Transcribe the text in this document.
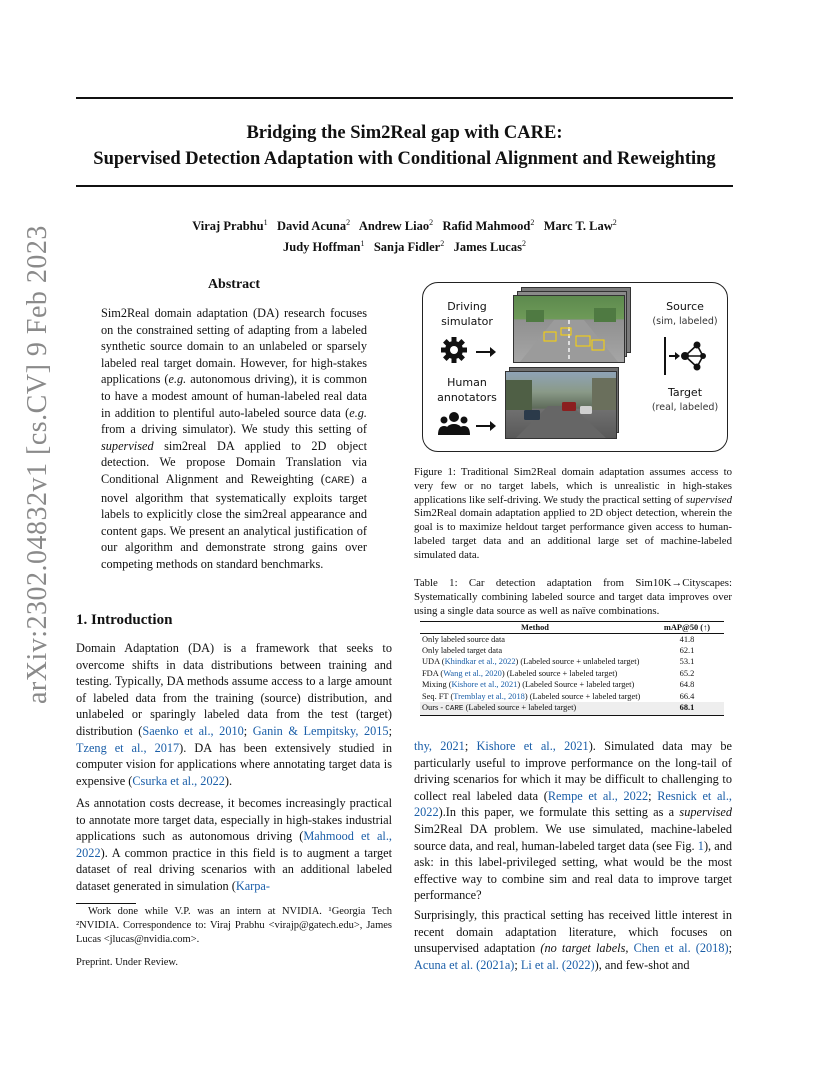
arXiv:2302.04832v1 [cs.CV] 9 Feb 2023
Bridging the Sim2Real gap with CARE:
Supervised Detection Adaptation with Conditional Alignment and Reweighting
Viraj Prabhu$^1$ David Acuna$^2$ Andrew Liao$^2$ Rafid Mahmood$^2$ Marc T. Law$^2$
Judy Hoffman$^1$ Sanja Fidler$^2$ James Lucas$^2$
Abstract
Sim2Real domain adaptation (DA) research focuses on the constrained setting of adapting from a labeled synthetic source domain to an unlabeled or sparsely labeled real target domain. However, for high-stakes applications (e.g. autonomous driving), it is common to have a modest amount of human-labeled real data in addition to plentiful auto-labeled source data (e.g. from a driving simulator). We study this setting of supervised sim2real DA applied to 2D object detection. We propose Domain Translation via Conditional Alignment and Reweighting (CARE) a novel algorithm that systematically exploits target labels to explicitly close the sim2real appearance and content gaps. We present an analytical justification of our algorithm and demonstrate strong gains over competing methods on standard benchmarks.
1. Introduction
Domain Adaptation (DA) is a framework that seeks to overcome shifts in data distributions between training and testing. Typically, DA methods assume access to a large amount of labeled data from the training (source) distribution, and unlabeled or sparingly labeled data from the test (target) distribution (Saenko et al., 2010; Ganin & Lempitsky, 2015; Tzeng et al., 2017). DA has been extensively studied in computer vision for applications where annotating target data is expensive (Csurka et al., 2022).
As annotation costs decrease, it becomes increasingly practical to annotate more target data, especially in high-stakes industrial applications such as autonomous driving (Mahmood et al., 2022). A common practice in this field is to augment a target dataset of real driving scenarios with an additional labeled dataset generated in simulation (Karpa-
Work done while V.P. was an intern at NVIDIA. ¹Georgia Tech ²NVIDIA. Correspondence to: Viraj Prabhu <virajp@gatech.edu>, James Lucas <jlucas@nvidia.com>.
Preprint. Under Review.
Driving
simulator
Human
annotators
Source
(sim, labeled)
Target
(real, labeled)
Figure 1: Traditional Sim2Real domain adaptation assumes access to very few or no target labels, which is unrealistic in high-stakes applications like self-driving. We study the practical setting of supervised Sim2Real domain adaptation applied to 2D object detection, wherein the goal is to maximize heldout target performance given access to human-labeled target data and an additional large set of machine-labeled simulated data.
Table 1: Car detection adaptation from Sim10K→Cityscapes: Systematically combining labeled source and target data improves over using a single data source as well as naïve combinations.
Method	mAP@50 (↑)
Only labeled source data	41.8
Only labeled target data	62.1
UDA (Khindkar et al., 2022) (Labeled source + unlabeled target)	53.1
FDA (Wang et al., 2020) (Labeled source + labeled target)	65.2
Mixing (Kishore et al., 2021) (Labeled Source + labeled target)	64.8
Seq. FT (Tremblay et al., 2018) (Labeled source + labeled target)	66.4
Ours - CARE (Labeled source + labeled target)	68.1
thy, 2021; Kishore et al., 2021). Simulated data may be particularly useful to improve performance on the long-tail of driving scenarios for which it may be difficult to challenging to collect real labeled data (Rempe et al., 2022; Resnick et al., 2022).In this paper, we formulate this setting as a supervised Sim2Real DA problem. We use simulated, machine-labeled source data, and real, human-labeled target data (see Fig. 1), and ask: in this label-privileged setting, what would be the most effective way to combine sim and real data to improve target performance?
Surprisingly, this practical setting has received little interest in recent domain adaptation literature, which focuses on unsupervised adaptation (no target labels, Chen et al. (2018); Acuna et al. (2021a); Li et al. (2022)), and few-shot and
